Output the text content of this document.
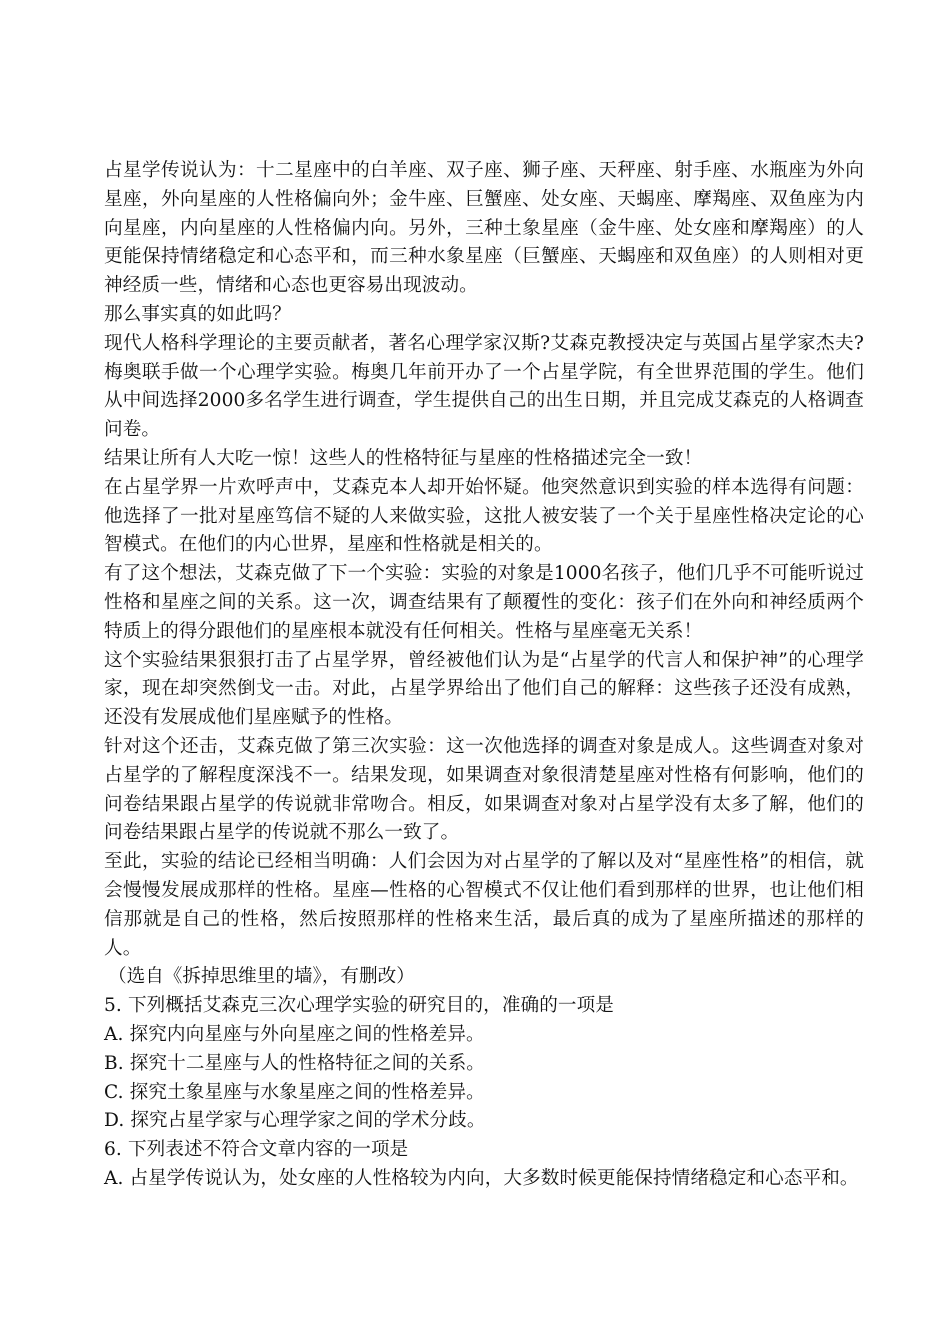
占星学传说认为：十二星座中的白羊座、双子座、狮子座、天秤座、射手座、水瓶座为外向星座，外向星座的人性格偏向外；金牛座、巨蟹座、处女座、天蝎座、摩羯座、双鱼座为内向星座，内向星座的人性格偏内向。另外，三种土象星座（金牛座、处女座和摩羯座）的人更能保持情绪稳定和心态平和，而三种水象星座（巨蟹座、天蝎座和双鱼座）的人则相对更神经质一些，情绪和心态也更容易出现波动。

那么事实真的如此吗？

现代人格科学理论的主要贡献者，著名心理学家汉斯?艾森克教授决定与英国占星学家杰夫?梅奥联手做一个心理学实验。梅奥几年前开办了一个占星学院，有全世界范围的学生。他们从中间选择2000多名学生进行调查，学生提供自己的出生日期，并且完成艾森克的人格调查问卷。

结果让所有人大吃一惊！这些人的性格特征与星座的性格描述完全一致！

在占星学界一片欢呼声中，艾森克本人却开始怀疑。他突然意识到实验的样本选得有问题：他选择了一批对星座笃信不疑的人来做实验，这批人被安装了一个关于星座性格决定论的心智模式。在他们的内心世界，星座和性格就是相关的。

有了这个想法，艾森克做了下一个实验：实验的对象是1000名孩子，他们几乎不可能听说过性格和星座之间的关系。这一次，调查结果有了颠覆性的变化：孩子们在外向和神经质两个特质上的得分跟他们的星座根本就没有任何相关。性格与星座毫无关系！

这个实验结果狠狠打击了占星学界，曾经被他们认为是“占星学的代言人和保护神”的心理学家，现在却突然倒戈一击。对此，占星学界给出了他们自己的解释：这些孩子还没有成熟，还没有发展成他们星座赋予的性格。

针对这个还击，艾森克做了第三次实验：这一次他选择的调查对象是成人。这些调查对象对占星学的了解程度深浅不一。结果发现，如果调查对象很清楚星座对性格有何影响，他们的问卷结果跟占星学的传说就非常吻合。相反，如果调查对象对占星学没有太多了解，他们的问卷结果跟占星学的传说就不那么一致了。

至此，实验的结论已经相当明确：人们会因为对占星学的了解以及对“星座性格”的相信，就会慢慢发展成那样的性格。星座—性格的心智模式不仅让他们看到那样的世界，也让他们相信那就是自己的性格，然后按照那样的性格来生活，最后真的成为了星座所描述的那样的人。

（选自《拆掉思维里的墙》，有删改）

5. 下列概括艾森克三次心理学实验的研究目的，准确的一项是

A. 探究内向星座与外向星座之间的性格差异。

B. 探究十二星座与人的性格特征之间的关系。

C. 探究土象星座与水象星座之间的性格差异。

D. 探究占星学家与心理学家之间的学术分歧。

6. 下列表述不符合文章内容的一项是

A. 占星学传说认为，处女座的人性格较为内向，大多数时候更能保持情绪稳定和心态平和。
